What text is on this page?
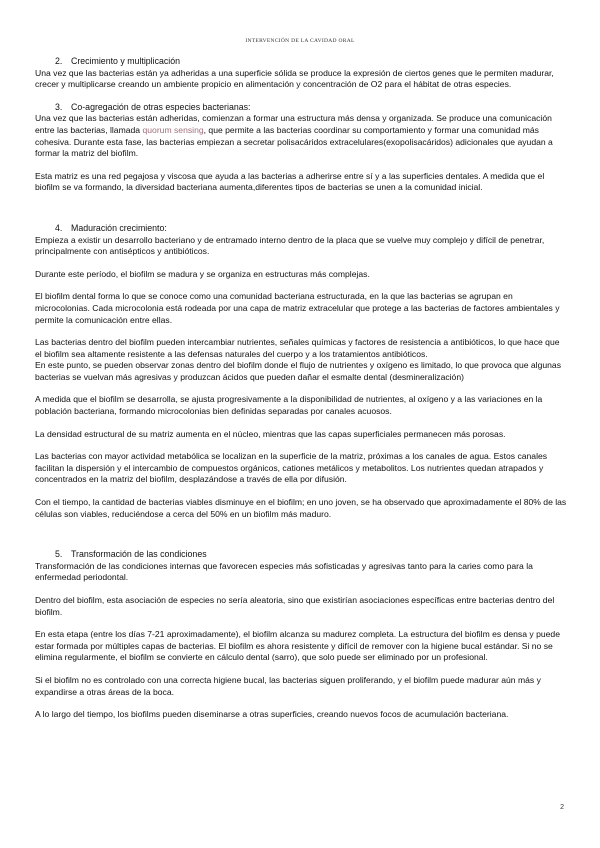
INTERVENCIÓN DE LA CAVIDAD ORAL

2. Crecimiento y multiplicación

Una vez que las bacterias están ya adheridas a una superficie sólida se produce la expresión de ciertos genes que le permiten madurar, crecer y multiplicarse creando un ambiente propicio en alimentación y concentración de O2 para el hábitat de otras especies.

3. Co-agregación de otras especies bacterianas:

Una vez que las bacterias están adheridas, comienzan a formar una estructura más densa y organizada. Se produce una comunicación entre las bacterias, llamada quorum sensing, que permite a las bacterias coordinar su comportamiento y formar una comunidad más cohesiva. Durante esta fase, las bacterias empiezan a secretar polisacáridos extracelulares(exopolisacáridos) adicionales que ayudan a formar la matriz del biofilm.

Esta matriz es una red pegajosa y viscosa que ayuda a las bacterias a adherirse entre sí y a las superficies dentales. A medida que el biofilm se va formando, la diversidad bacteriana aumenta,diferentes tipos de bacterias se unen a la comunidad inicial.

4. Maduración crecimiento:

Empieza a existir un desarrollo bacteriano y de entramado interno dentro de la placa que se vuelve muy complejo y difícil de penetrar, principalmente con antisépticos y antibióticos.

Durante este período, el biofilm se madura y se organiza en estructuras más complejas.

El biofilm dental forma lo que se conoce como una comunidad bacteriana estructurada, en la que las bacterias se agrupan en microcolonias. Cada microcolonia está rodeada por una capa de matriz extracelular que protege a las bacterias de factores ambientales y permite la comunicación entre ellas.

Las bacterias dentro del biofilm pueden intercambiar nutrientes, señales químicas y factores de resistencia a antibióticos, lo que hace que el biofilm sea altamente resistente a las defensas naturales del cuerpo y a los tratamientos antibióticos.

En este punto, se pueden observar zonas dentro del biofilm donde el flujo de nutrientes y oxígeno es limitado, lo que provoca que algunas bacterias se vuelvan más agresivas y produzcan ácidos que pueden dañar el esmalte dental (desmineralización)

A medida que el biofilm se desarrolla, se ajusta progresivamente a la disponibilidad de nutrientes, al oxígeno y a las variaciones en la población bacteriana, formando microcolonias bien definidas separadas por canales acuosos.

La densidad estructural de su matriz aumenta en el núcleo, mientras que las capas superficiales permanecen más porosas.

Las bacterias con mayor actividad metabólica se localizan en la superficie de la matriz, próximas a los canales de agua. Estos canales facilitan la dispersión y el intercambio de compuestos orgánicos, cationes metálicos y metabolitos. Los nutrientes quedan atrapados y concentrados en la matriz del biofilm, desplazándose a través de ella por difusión.

Con el tiempo, la cantidad de bacterias viables disminuye en el biofilm; en uno joven, se ha observado que aproximadamente el 80% de las células son viables, reduciéndose a cerca del 50% en un biofilm más maduro.

5. Transformación de las condiciones

Transformación de las condiciones internas que favorecen especies más sofisticadas y agresivas tanto para la caries como para la enfermedad periodontal.

Dentro del biofilm, esta asociación de especies no sería aleatoria, sino que existirían asociaciones específicas entre bacterias dentro del biofilm.

En esta etapa (entre los días 7-21 aproximadamente), el biofilm alcanza su madurez completa. La estructura del biofilm es densa y puede estar formada por múltiples capas de bacterias. El biofilm es ahora resistente y difícil de remover con la higiene bucal estándar. Si no se elimina regularmente, el biofilm se convierte en cálculo dental (sarro), que solo puede ser eliminado por un profesional.

Si el biofilm no es controlado con una correcta higiene bucal, las bacterias siguen proliferando, y el biofilm puede madurar aún más y expandirse a otras áreas de la boca.

A lo largo del tiempo, los biofilms pueden diseminarse a otras superficies, creando nuevos focos de acumulación bacteriana.

2
